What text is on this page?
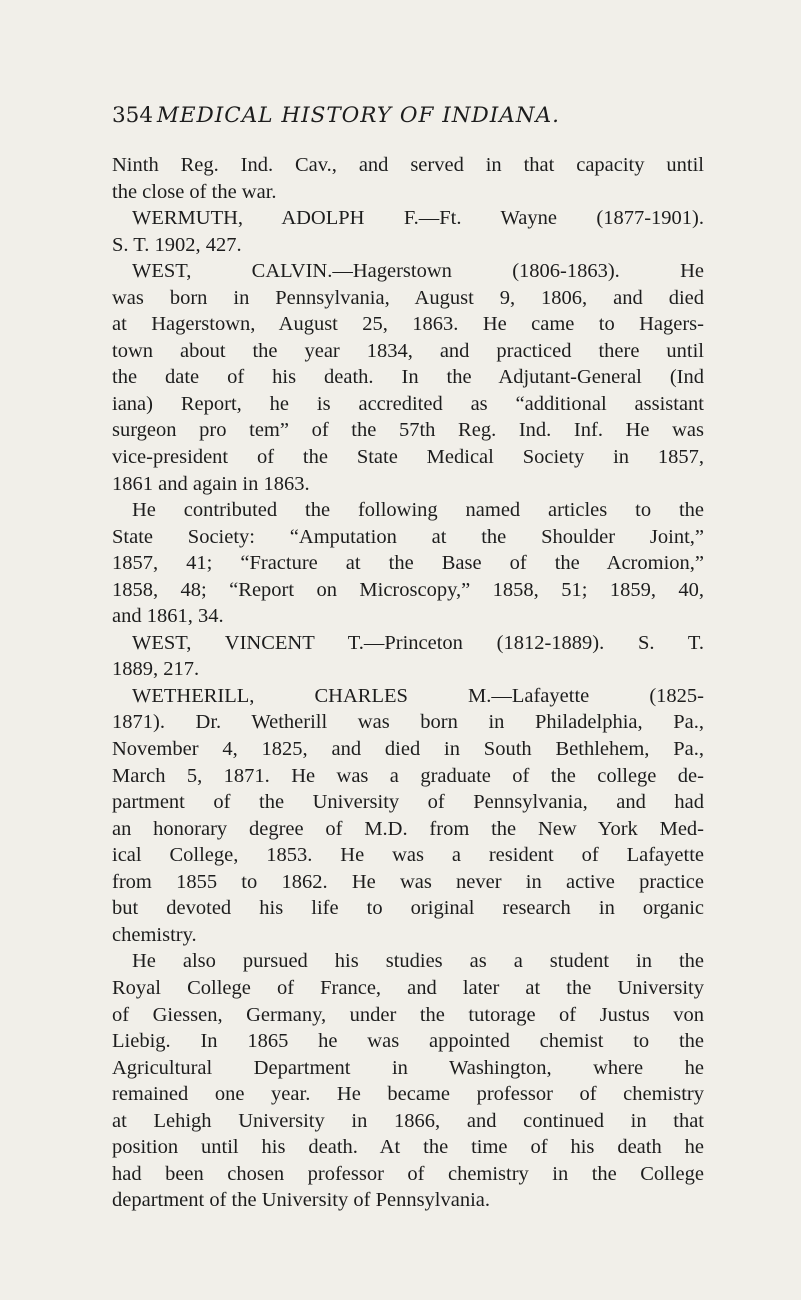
354 MEDICAL HISTORY OF INDIANA.
Ninth Reg. Ind. Cav., and served in that capacity until
the close of the war.
WERMUTH, ADOLPH F.—Ft. Wayne (1877-1901).
S. T. 1902, 427.
WEST, CALVIN.—Hagerstown (1806-1863). He
was born in Pennsylvania, August 9, 1806, and died
at Hagerstown, August 25, 1863. He came to Hagers-
town about the year 1834, and practiced there until
the date of his death. In the Adjutant-General (Ind
iana) Report, he is accredited as “additional assistant
surgeon pro tem” of the 57th Reg. Ind. Inf. He was
vice-president of the State Medical Society in 1857,
1861 and again in 1863.
He contributed the following named articles to the
State Society: “Amputation at the Shoulder Joint,”
1857, 41; “Fracture at the Base of the Acromion,”
1858, 48; “Report on Microscopy,” 1858, 51; 1859, 40,
and 1861, 34.
WEST, VINCENT T.—Princeton (1812-1889). S. T.
1889, 217.
WETHERILL, CHARLES M.—Lafayette (1825-
1871). Dr. Wetherill was born in Philadelphia, Pa.,
November 4, 1825, and died in South Bethlehem, Pa.,
March 5, 1871. He was a graduate of the college de-
partment of the University of Pennsylvania, and had
an honorary degree of M.D. from the New York Med-
ical College, 1853. He was a resident of Lafayette
from 1855 to 1862. He was never in active practice
but devoted his life to original research in organic
chemistry.
He also pursued his studies as a student in the
Royal College of France, and later at the University
of Giessen, Germany, under the tutorage of Justus von
Liebig. In 1865 he was appointed chemist to the
Agricultural Department in Washington, where he
remained one year. He became professor of chemistry
at Lehigh University in 1866, and continued in that
position until his death. At the time of his death he
had been chosen professor of chemistry in the College
department of the University of Pennsylvania.
